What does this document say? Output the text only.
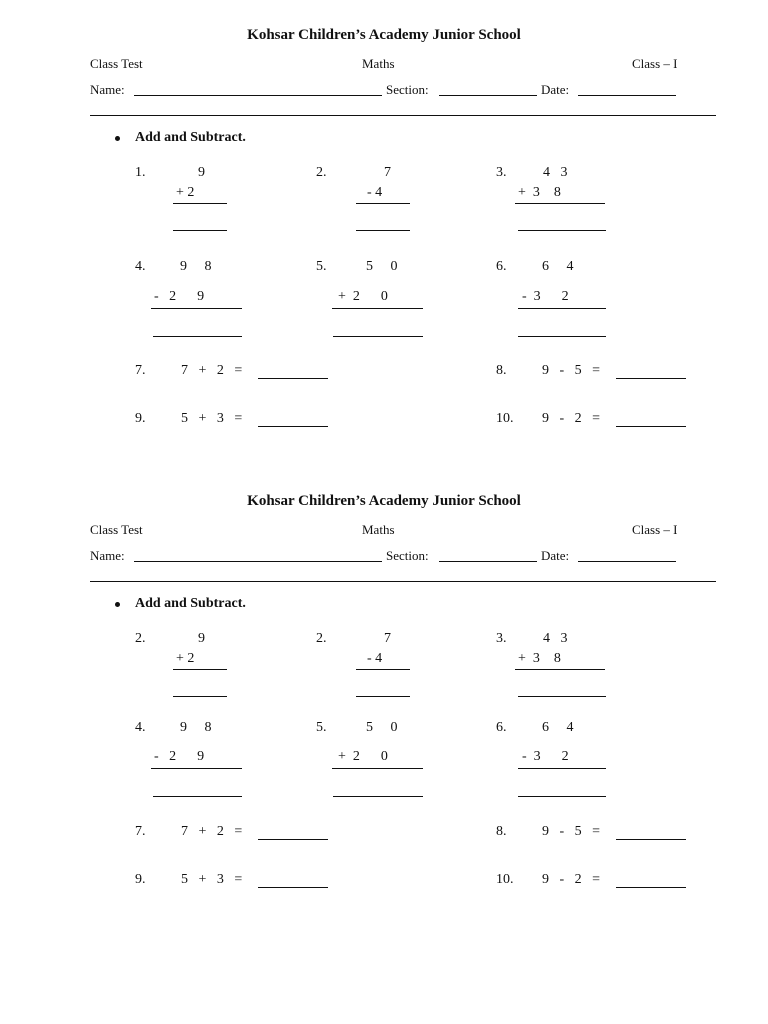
Kohsar Children’s Academy Junior School
Class Test	Maths	Class – I
Name:	Section:	Date:
Add and Subtract.
1.	9
+ 2
2.	7
- 4
3.	4   3
+  3    8
4. 9     8
-   2      9
5.	5     0
+  2      0
6.	6     4
-  3      2
7.	7   +   2   =	8.	9   -   5   =
9.	5   +   3   =	10. 9   -   2   =
Kohsar Children’s Academy Junior School
Class Test	Maths	Class – I
Name:	Section:	Date:
Add and Subtract.
2.	9
+ 2
2.	7
- 4
3.	4   3
+  3    8
4. 9     8
-   2      9
5.	5     0
+  2      0
6.	6     4
-  3      2
7.	7   +   2   =	8.	9   -   5   =
9.	5   +   3   =	10. 9   -   2   =
